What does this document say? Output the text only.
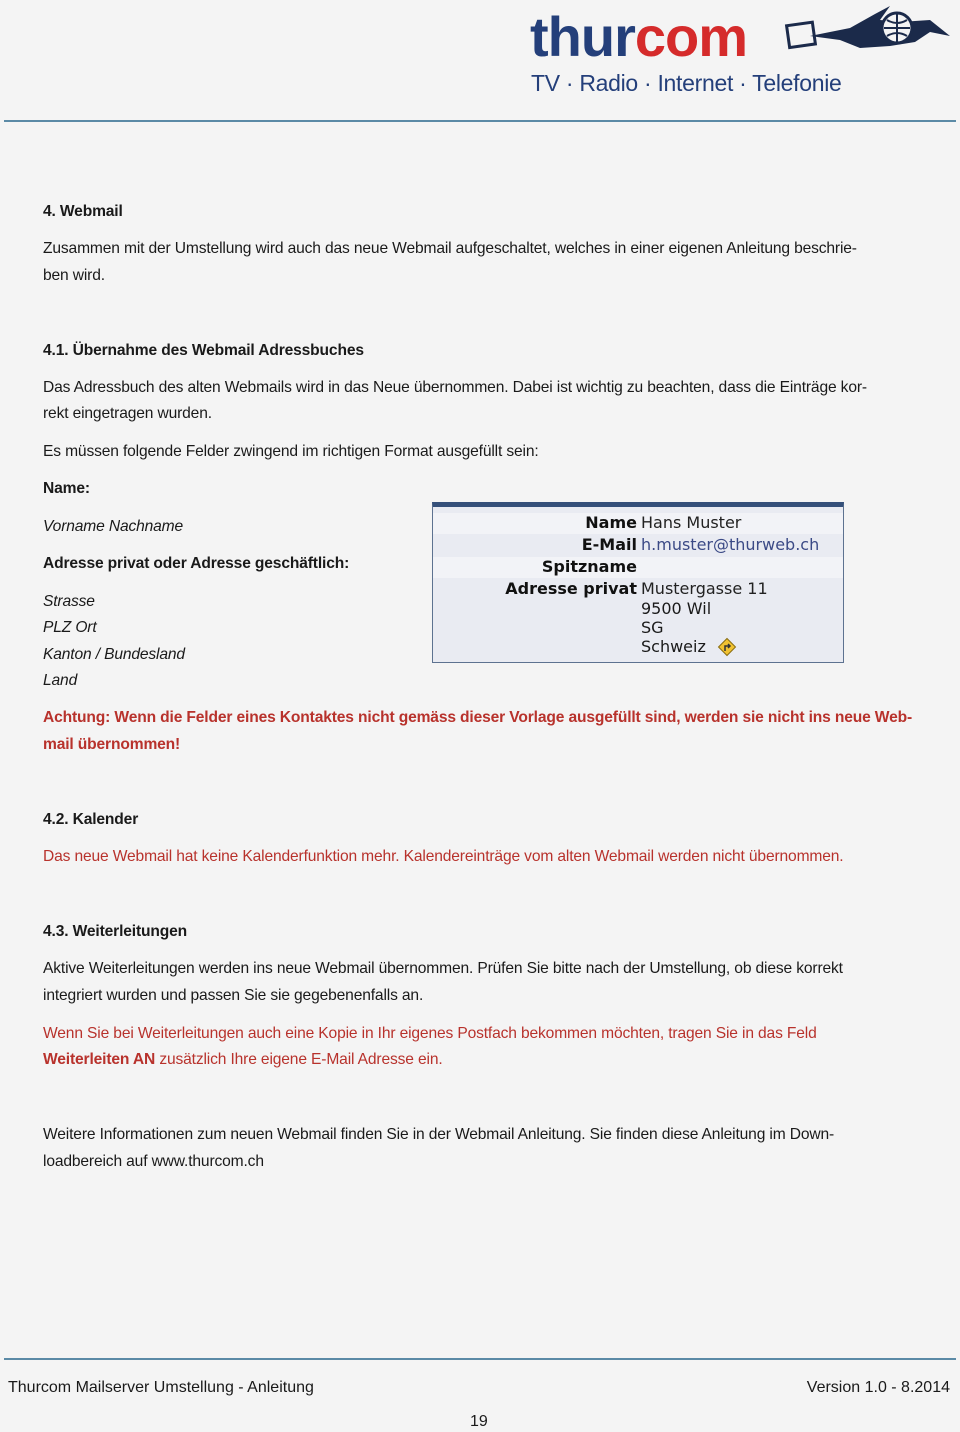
thurcom
TV · Radio · Internet · Telefonie
4. Webmail
Zusammen mit der Umstellung wird auch das neue Webmail aufgeschaltet, welches in einer eigenen Anleitung beschrie-
ben wird.
4.1. Übernahme des Webmail Adressbuches
Das Adressbuch des alten Webmails wird in das Neue übernommen. Dabei ist wichtig zu beachten, dass die Einträge kor-
rekt eingetragen wurden.
Es müssen folgende Felder zwingend im richtigen Format ausgefüllt sein:
Name:
Vorname Nachname
Adresse privat oder Adresse geschäftlich:
Strasse
PLZ Ort
Kanton / Bundesland
Land
Name Hans Muster
E-Mail h.muster@thurweb.ch
Spitzname
Adresse privat Mustergasse 11
9500 Wil
SG
Schweiz
Achtung: Wenn die Felder eines Kontaktes nicht gemäss dieser Vorlage ausgefüllt sind, werden sie nicht ins neue Web-
mail übernommen!
4.2. Kalender
Das neue Webmail hat keine Kalenderfunktion mehr. Kalendereinträge vom alten Webmail werden nicht übernommen.
4.3. Weiterleitungen
Aktive Weiterleitungen werden ins neue Webmail übernommen. Prüfen Sie bitte nach der Umstellung, ob diese korrekt
integriert wurden und passen Sie sie gegebenenfalls an.
Wenn Sie bei Weiterleitungen auch eine Kopie in Ihr eigenes Postfach bekommen möchten, tragen Sie in das Feld
Weiterleiten AN zusätzlich Ihre eigene E-Mail Adresse ein.
Weitere Informationen zum neuen Webmail finden Sie in der Webmail Anleitung. Sie finden diese Anleitung im Down-
loadbereich auf www.thurcom.ch
Thurcom Mailserver Umstellung - Anleitung	Version 1.0 - 8.2014
19
